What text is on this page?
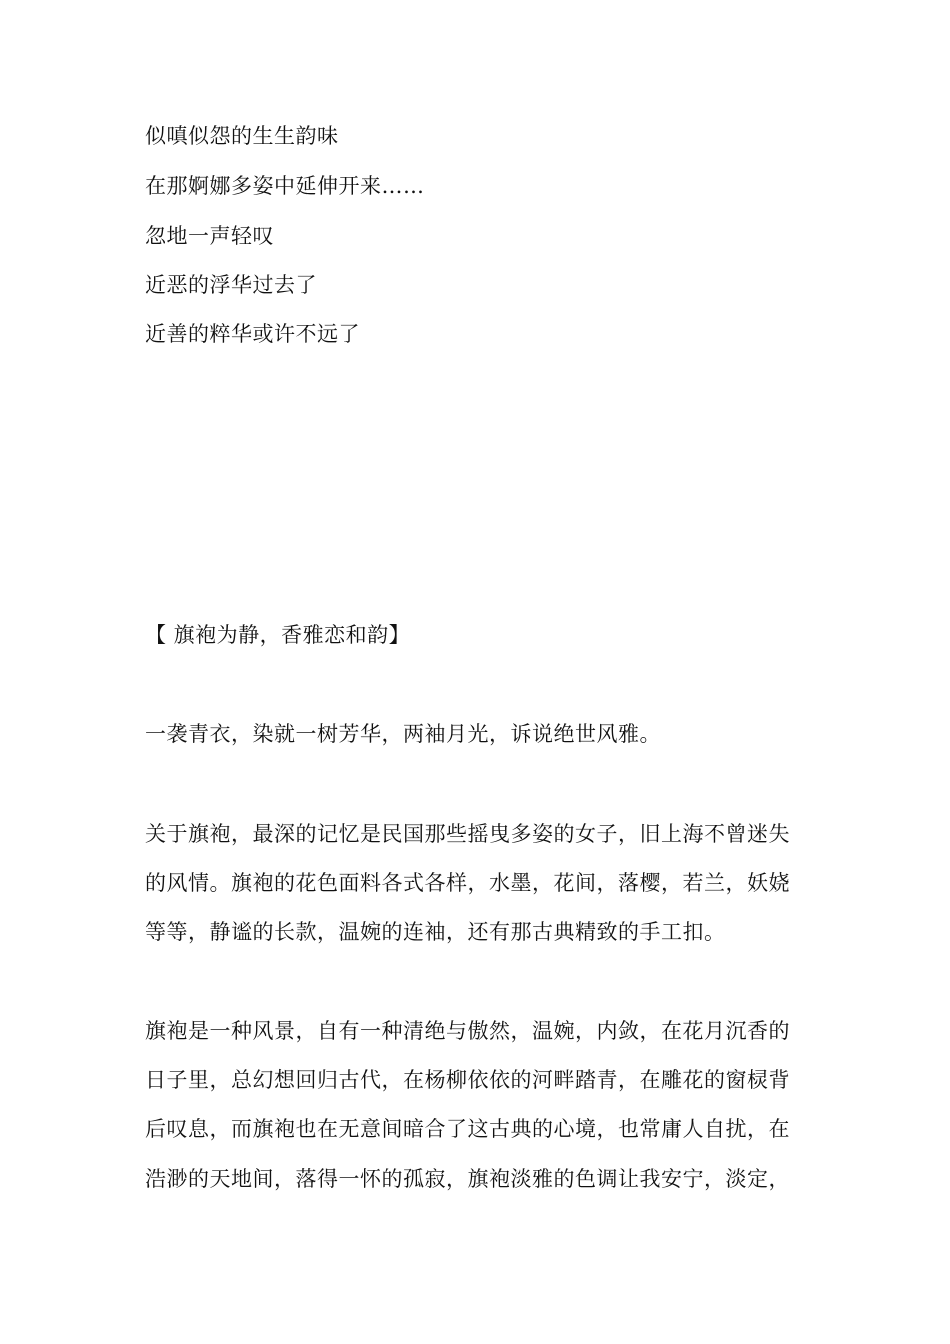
似嗔似怨的生生韵味
在那婀娜多姿中延伸开来……
忽地一声轻叹
近恶的浮华过去了
近善的粹华或许不远了
【 旗袍为静，香雅恋和韵】
一袭青衣，染就一树芳华，两袖月光，诉说绝世风雅。
关于旗袍，最深的记忆是民国那些摇曳多姿的女子，旧上海不曾迷失
的风情。旗袍的花色面料各式各样，水墨，花间，落樱，若兰，妖娆
等等，静谧的长款，温婉的连袖，还有那古典精致的手工扣。
旗袍是一种风景，自有一种清绝与傲然，温婉，内敛，在花月沉香的
日子里，总幻想回归古代，在杨柳依依的河畔踏青，在雕花的窗棂背
后叹息，而旗袍也在无意间暗合了这古典的心境，也常庸人自扰，在
浩渺的天地间，落得一怀的孤寂，旗袍淡雅的色调让我安宁，淡定，
